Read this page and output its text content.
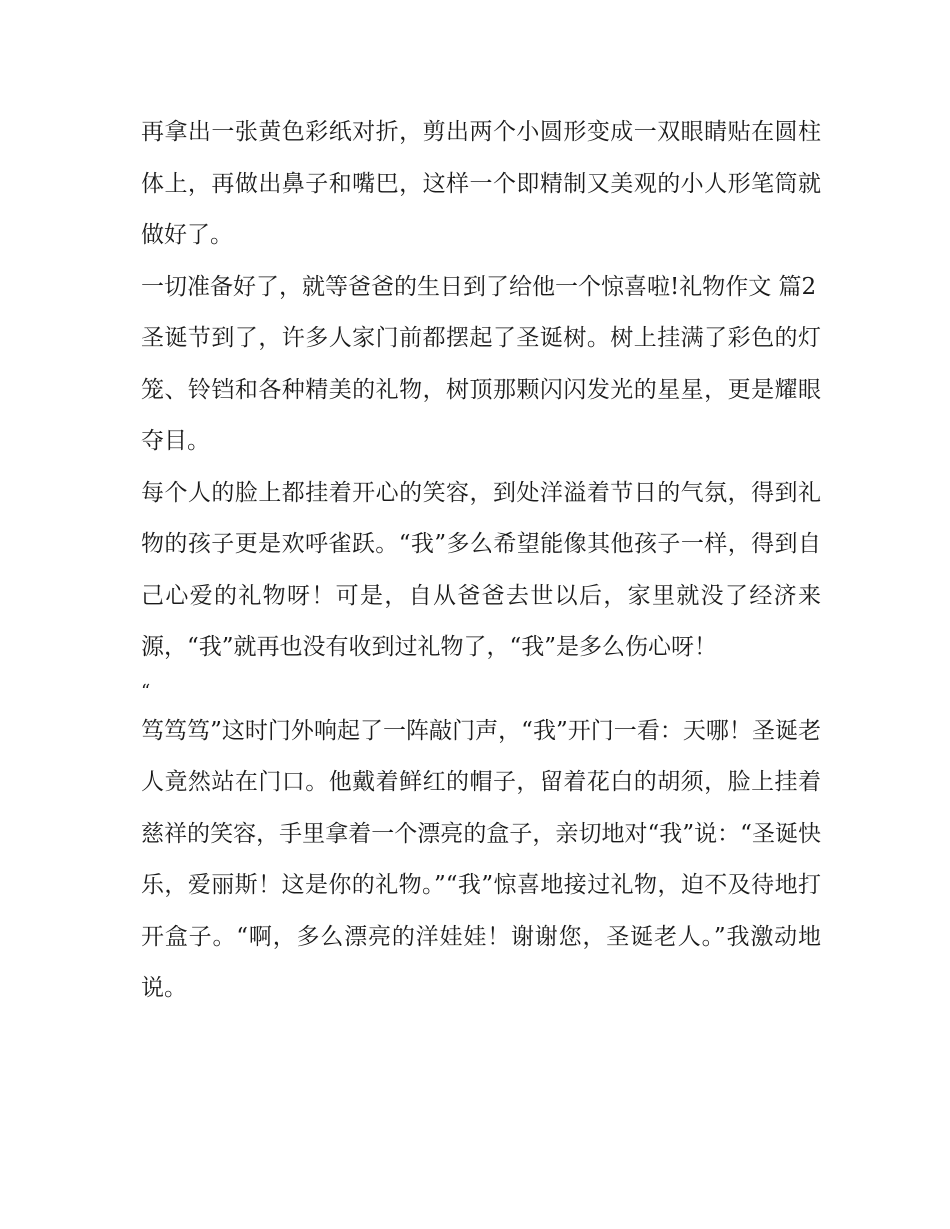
再拿出一张黄色彩纸对折，剪出两个小圆形变成一双眼睛贴在圆柱体上，再做出鼻子和嘴巴，这样一个即精制又美观的小人形笔筒就做好了。

一切准备好了，就等爸爸的生日到了给他一个惊喜啦!礼物作文 篇2

圣诞节到了，许多人家门前都摆起了圣诞树。树上挂满了彩色的灯笼、铃铛和各种精美的礼物，树顶那颗闪闪发光的星星，更是耀眼夺目。

每个人的脸上都挂着开心的笑容，到处洋溢着节日的气氛，得到礼物的孩子更是欢呼雀跃。“我”多么希望能像其他孩子一样，得到自己心爱的礼物呀！可是，自从爸爸去世以后，家里就没了经济来源，“我”就再也没有收到过礼物了，“我”是多么伤心呀！

“

笃笃笃”这时门外响起了一阵敲门声，“我”开门一看：天哪！圣诞老人竟然站在门口。他戴着鲜红的帽子，留着花白的胡须，脸上挂着慈祥的笑容，手里拿着一个漂亮的盒子，亲切地对“我”说：“圣诞快乐，爱丽斯！这是你的礼物。”“我”惊喜地接过礼物，迫不及待地打开盒子。“啊，多么漂亮的洋娃娃！谢谢您，圣诞老人。”我激动地说。
